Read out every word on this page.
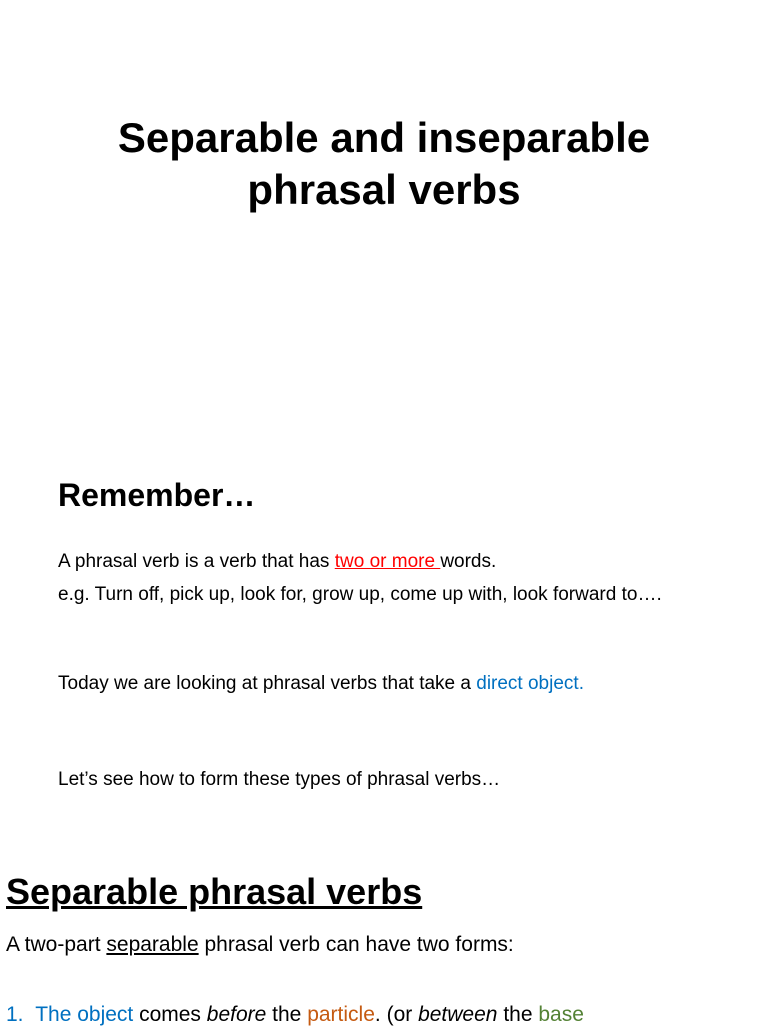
Separable and inseparable
phrasal verbs
Remember…
A phrasal verb is a verb that has two or more words.
e.g. Turn off, pick up, look for, grow up, come up with, look forward to….
Today we are looking at phrasal verbs that take a direct object.
Let’s see how to form these types of phrasal verbs…
Separable phrasal verbs
A two-part separable phrasal verb can have two forms:
1. The object comes before the particle. (or between the base
